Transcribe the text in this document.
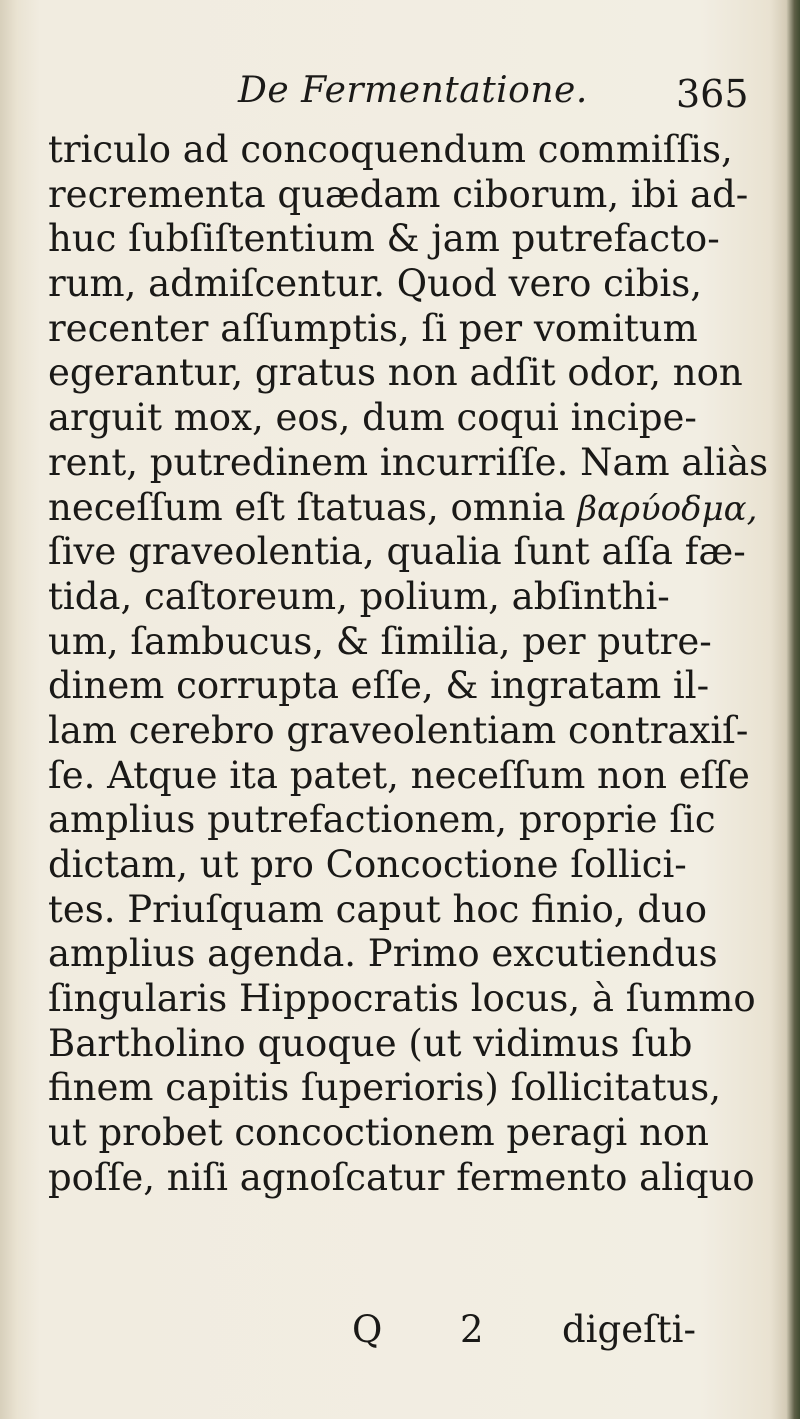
De Fermentatione. 365
triculo ad concoquendum commiſſis,
recrementa quædam ciborum, ibi ad-
huc ſubſiſtentium & jam putrefacto-
rum, admiſcentur. Quod vero cibis,
recenter aſſumptis, ſi per vomitum
egerantur, gratus non adſit odor, non
arguit mox, eos, dum coqui incipe-
rent, putredinem incurriſſe. Nam aliàs
neceſſum eſt ſtatuas, omnia βαρύοδμα,
ſive graveolentia, qualia ſunt aſſa fæ-
tida, caſtoreum, polium, abſinthi-
um, ſambucus, & ſimilia, per putre-
dinem corrupta eſſe, & ingratam il-
lam cerebro graveolentiam contraxiſ-
ſe. Atque ita patet, neceſſum non eſſe
amplius putrefactionem, proprie ſic
dictam, ut pro Concoctione ſollici-
tes. Priuſquam caput hoc finio, duo
amplius agenda. Primo excutiendus
ſingularis Hippocratis locus, à ſummo
Bartholino quoque (ut vidimus ſub
finem capitis ſuperioris) ſollicitatus,
ut probet concoctionem peragi non
poſſe, niſi agnoſcatur fermento aliquo
Q 2 digeſti-
